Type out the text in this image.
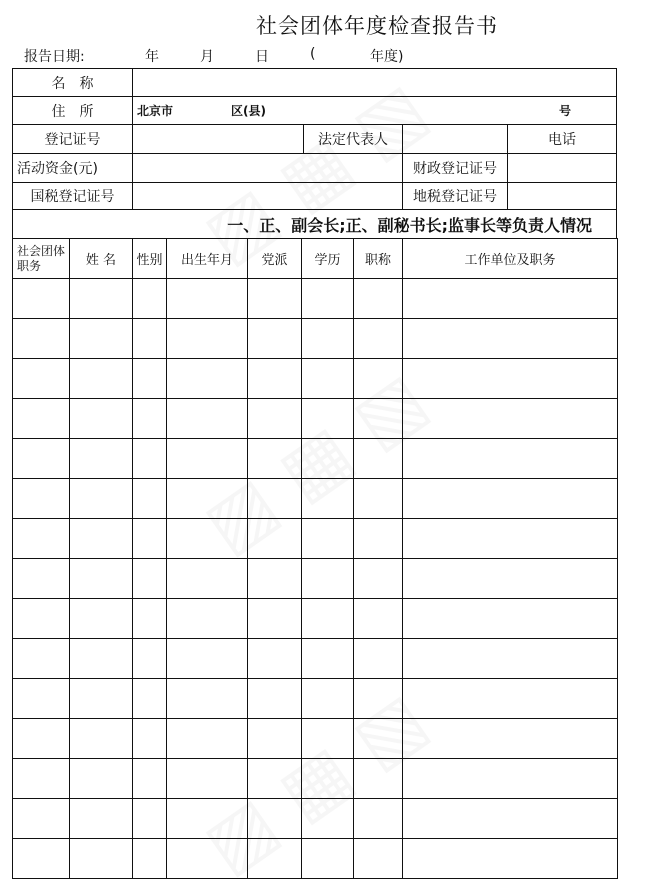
社会团体年度检查报告书
报告日期:	年	月	日	(	年度)
名　称
住　所	北京市	区(县)	号
登记证号	法定代表人	电话
活动资金(元)	财政登记证号
国税登记证号	地税登记证号
一、正、副会长;正、副秘书长;监事长等负责人情况
社会团体职务	姓 名	性别	出生年月	党派	学历	职称	工作单位及职务
